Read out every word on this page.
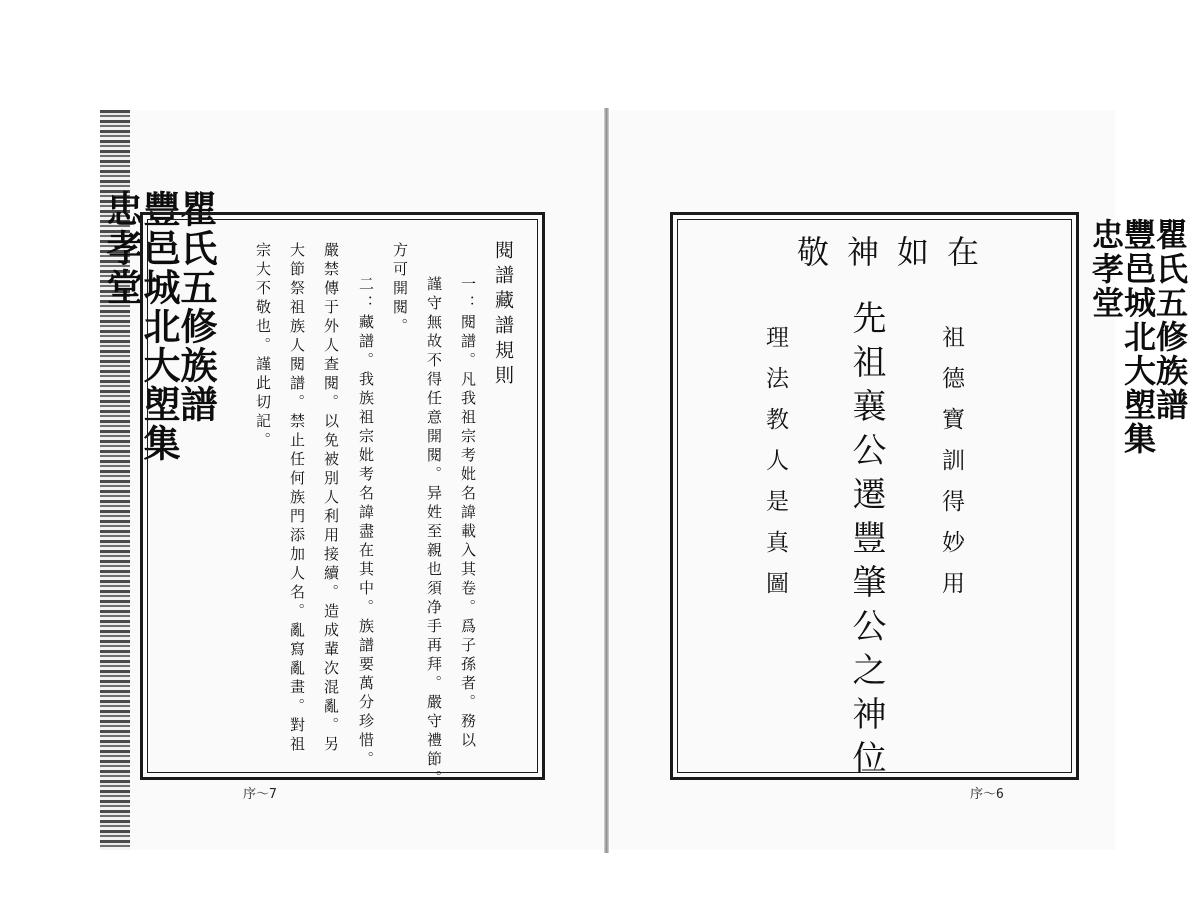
瞿氏五修族譜
豐邑城北大塱集
忠孝堂	閱譜藏譜規則
一：閱譜。凡我祖宗考妣名諱載入其卷。爲子孫者。務以
謹守無故不得任意開閱。异姓至親也須净手再拜。嚴守禮節。
方可開閱。
二：藏譜。我族祖宗妣考名諱盡在其中。族譜要萬分珍惜。
嚴禁傳于外人查閱。以免被別人利用接續。造成輩次混亂。另
大節祭祖族人閱譜。禁止任何族門添加人名。亂寫亂畫。對祖
宗大不敬也。謹此切記。
序～7
敬神如在
祖德寶訓得妙用
先祖襄公遷豐肇公之神位
理法教人是真圖
序～6
瞿氏五修族譜
豐邑城北大塱集
忠孝堂
